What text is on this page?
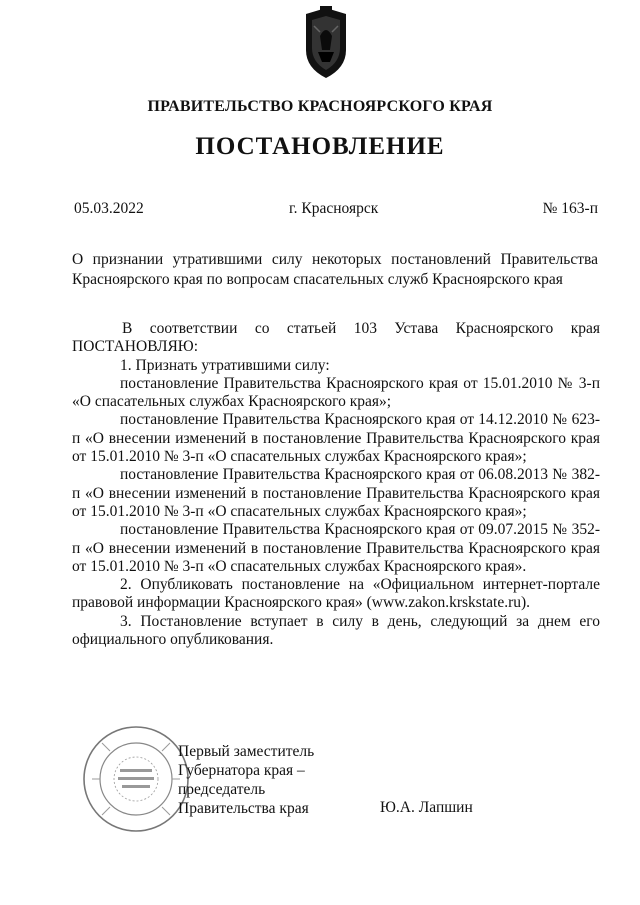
ПРАВИТЕЛЬСТВО КРАСНОЯРСКОГО КРАЯ
ПОСТАНОВЛЕНИЕ
05.03.2022	г. Красноярск	№ 163-п
О признании утратившими силу некоторых постановлений Правительства Красноярского края по вопросам спасательных служб Красноярского края

В соответствии со статьей 103 Устава Красноярского края ПОСТАНОВЛЯЮ:

1. Признать утратившими силу:

постановление Правительства Красноярского края от 15.01.2010 № 3-п «О спасательных службах Красноярского края»;

постановление Правительства Красноярского края от 14.12.2010 № 623-п «О внесении изменений в постановление Правительства Красноярского края от 15.01.2010 № 3-п «О спасательных службах Красноярского края»;

постановление Правительства Красноярского края от 06.08.2013 № 382-п «О внесении изменений в постановление Правительства Красноярского края от 15.01.2010 № 3-п «О спасательных службах Красноярского края»;

постановление Правительства Красноярского края от 09.07.2015 № 352-п «О внесении изменений в постановление Правительства Красноярского края от 15.01.2010 № 3-п «О спасательных службах Красноярского края».

2. Опубликовать постановление на «Официальном интернет-портале правовой информации Красноярского края» (www.zakon.krskstate.ru).

3. Постановление вступает в силу в день, следующий за днем его официального опубликования.

Первый заместитель
Губернатора края –
председатель
Правительства края	Ю.А. Лапшин
